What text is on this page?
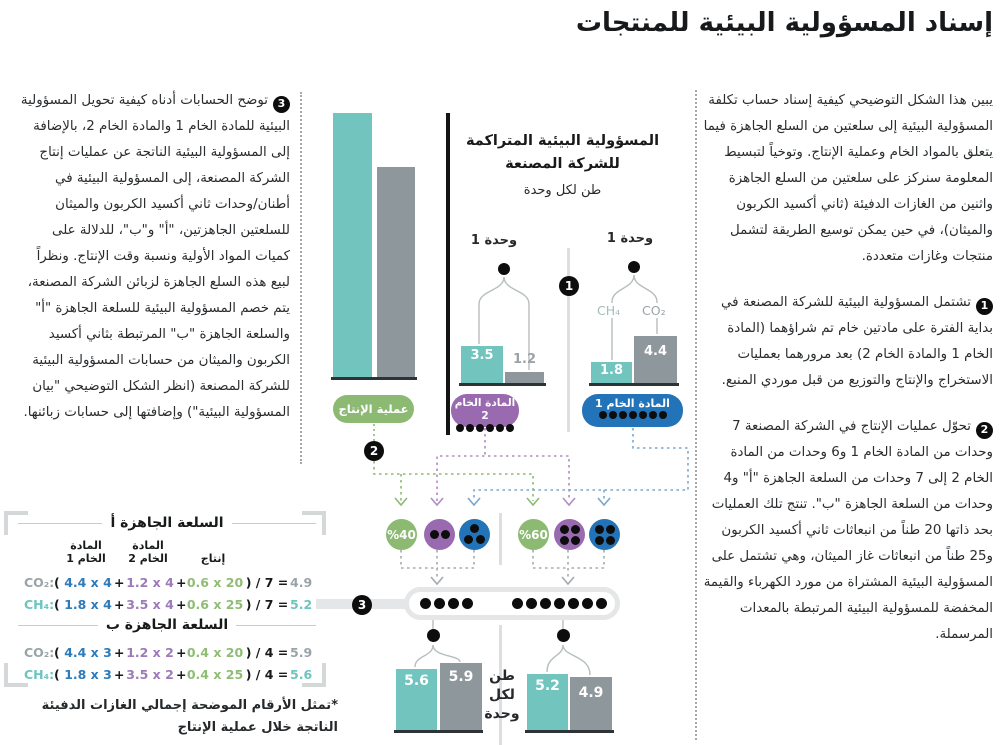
إسناد المسؤولية البيئية للمنتجات

يبين هذا الشكل التوضيحي كيفية إسناد حساب تكلفة المسؤولية البيئية إلى سلعتين من السلع الجاهزة فيما يتعلق بالمواد الخام وعملية الإنتاج. وتوخياً لتبسيط المعلومة سنركز على سلعتين من السلع الجاهزة واثنين من الغازات الدفيئة (ثاني أكسيد الكربون والميثان)، في حين يمكن توسيع الطريقة لتشمل منتجات وغازات متعددة.

1تشتمل المسؤولية البيئية للشركة المصنعة في بداية الفترة على مادتين خام تم شراؤهما (المادة الخام 1 والمادة الخام 2) بعد مرورهما بعمليات الاستخراج والإنتاج والتوزيع من قبل موردي المنبع.

2تحوّل عمليات الإنتاج في الشركة المصنعة 7 وحدات من المادة الخام 1 و6 وحدات من المادة الخام 2 إلى 7 وحدات من السلعة الجاهزة "أ" و4 وحدات من السلعة الجاهزة "ب". تنتج تلك العمليات بحد ذاتها 20 طناً من انبعاثات ثاني أكسيد الكربون و25 طناً من انبعاثات غاز الميثان، وهي تشتمل على المسؤولية البيئية المشتراة من مورد الكهرباء والقيمة المخفضة للمسؤولية البيئية المرتبطة بالمعدات المرسملة.

3توضح الحسابات أدناه كيفية تحويل المسؤولية البيئية للمادة الخام 1 والمادة الخام 2، بالإضافة إلى المسؤولية البيئية الناتجة عن عمليات إنتاج الشركة المصنعة، إلى المسؤولية البيئية في أطنان/وحدات ثاني أكسيد الكربون والميثان للسلعتين الجاهزتين، "أ" و"ب"، للدلالة على كميات المواد الأولية ونسبة وقت الإنتاج. ونظراً لبيع هذه السلع الجاهزة لزبائن الشركة المصنعة، يتم خصم المسؤولية البيئية للسلعة الجاهزة "أ" والسلعة الجاهزة "ب" المرتبطة بثاني أكسيد الكربون والميثان من حسابات المسؤولية البيئية للشركة المصنعة (انظر الشكل التوضيحي "بيان المسؤولية البيئية") وإضافتها إلى حسابات زبائنها.	عملية الإنتاج
المسؤولية البيئية المتراكمة
للشركة المصنعة
طن لكل وحدة
1 وحدة	1 وحدة
CH₄ CO₂
3.5	1.2
1.8
4.4
1
المادة الخام 2
المادة الخام 1
2
%40	%60
3
5.6	5.9	طن
لكل
وحدة
5.2	4.9
السلعة الجاهزة أ
المادة
الخام 1
المادة
الخام 2	إنتاج
CO₂: ( 4.4 x 4 + 1.2 x 4 + 0.6 x 20 ) / 7 = 4.9
CH₄: ( 1.8 x 4 + 3.5 x 4 + 0.6 x 25 ) / 7 = 5.2
السلعة الجاهزة ب
CO₂: ( 4.4 x 3 + 1.2 x 2 + 0.4 x 20 ) / 4 = 5.9
CH₄: ( 1.8 x 3 + 3.5 x 2 + 0.4 x 25 ) / 4 = 5.6
*تمثل الأرقام الموضحة إجمالي الغازات الدفيئة الناتجة خلال عملية الإنتاج
